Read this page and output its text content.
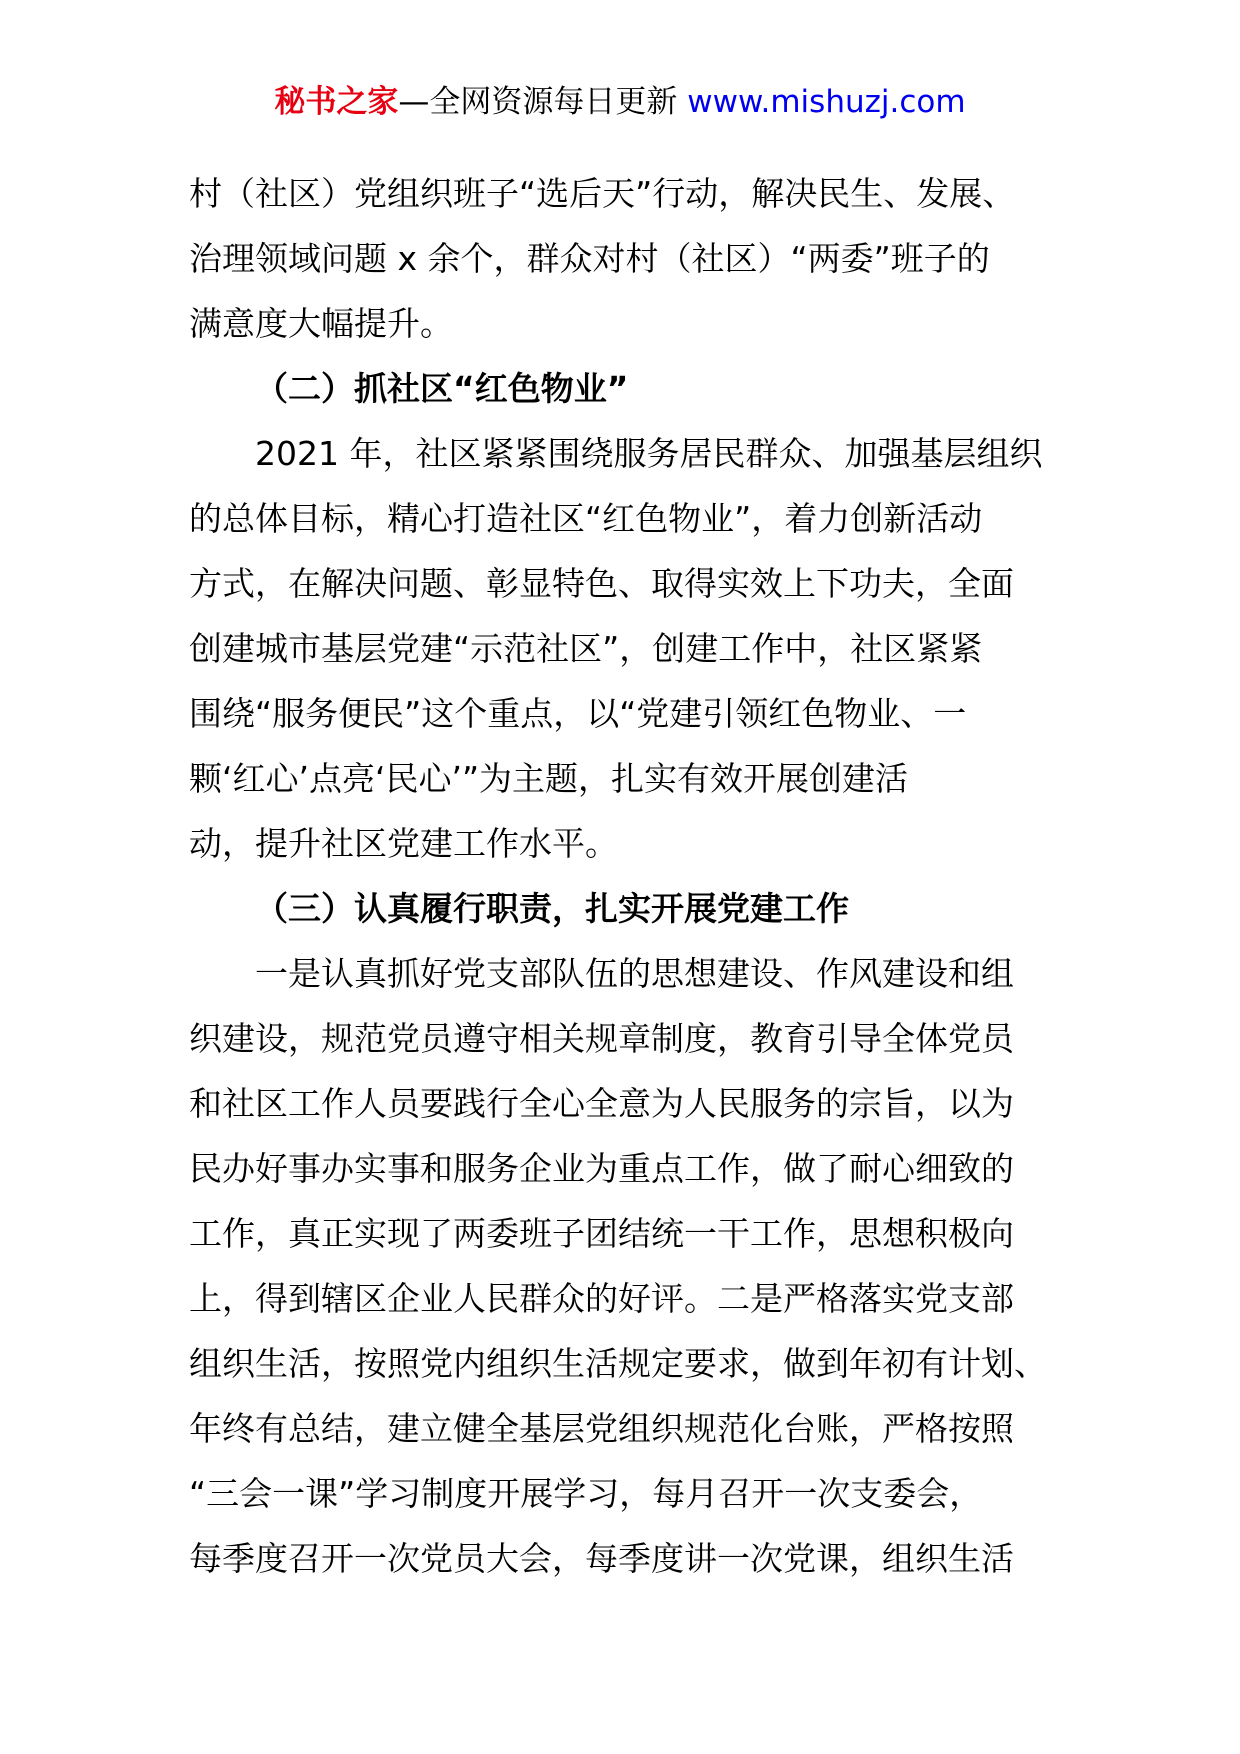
秘书之家—全网资源每日更新 www.mishuzj.com
村（社区）党组织班子“选后天”行动，解决民生、发展、
治理领域问题 x 余个，群众对村（社区）“两委”班子的
满意度大幅提升。
（二）抓社区“红色物业”
2021 年，社区紧紧围绕服务居民群众、加强基层组织
的总体目标，精心打造社区“红色物业”，着力创新活动
方式，在解决问题、彰显特色、取得实效上下功夫，全面
创建城市基层党建“示范社区”，创建工作中，社区紧紧
围绕“服务便民”这个重点，以“党建引领红色物业、一
颗‘红心’点亮‘民心’”为主题，扎实有效开展创建活
动，提升社区党建工作水平。
（三）认真履行职责，扎实开展党建工作
一是认真抓好党支部队伍的思想建设、作风建设和组
织建设，规范党员遵守相关规章制度，教育引导全体党员
和社区工作人员要践行全心全意为人民服务的宗旨，以为
民办好事办实事和服务企业为重点工作，做了耐心细致的
工作，真正实现了两委班子团结统一干工作，思想积极向
上，得到辖区企业人民群众的好评。二是严格落实党支部
组织生活，按照党内组织生活规定要求，做到年初有计划、
年终有总结，建立健全基层党组织规范化台账，严格按照
“三会一课”学习制度开展学习，每月召开一次支委会，
每季度召开一次党员大会，每季度讲一次党课，组织生活
